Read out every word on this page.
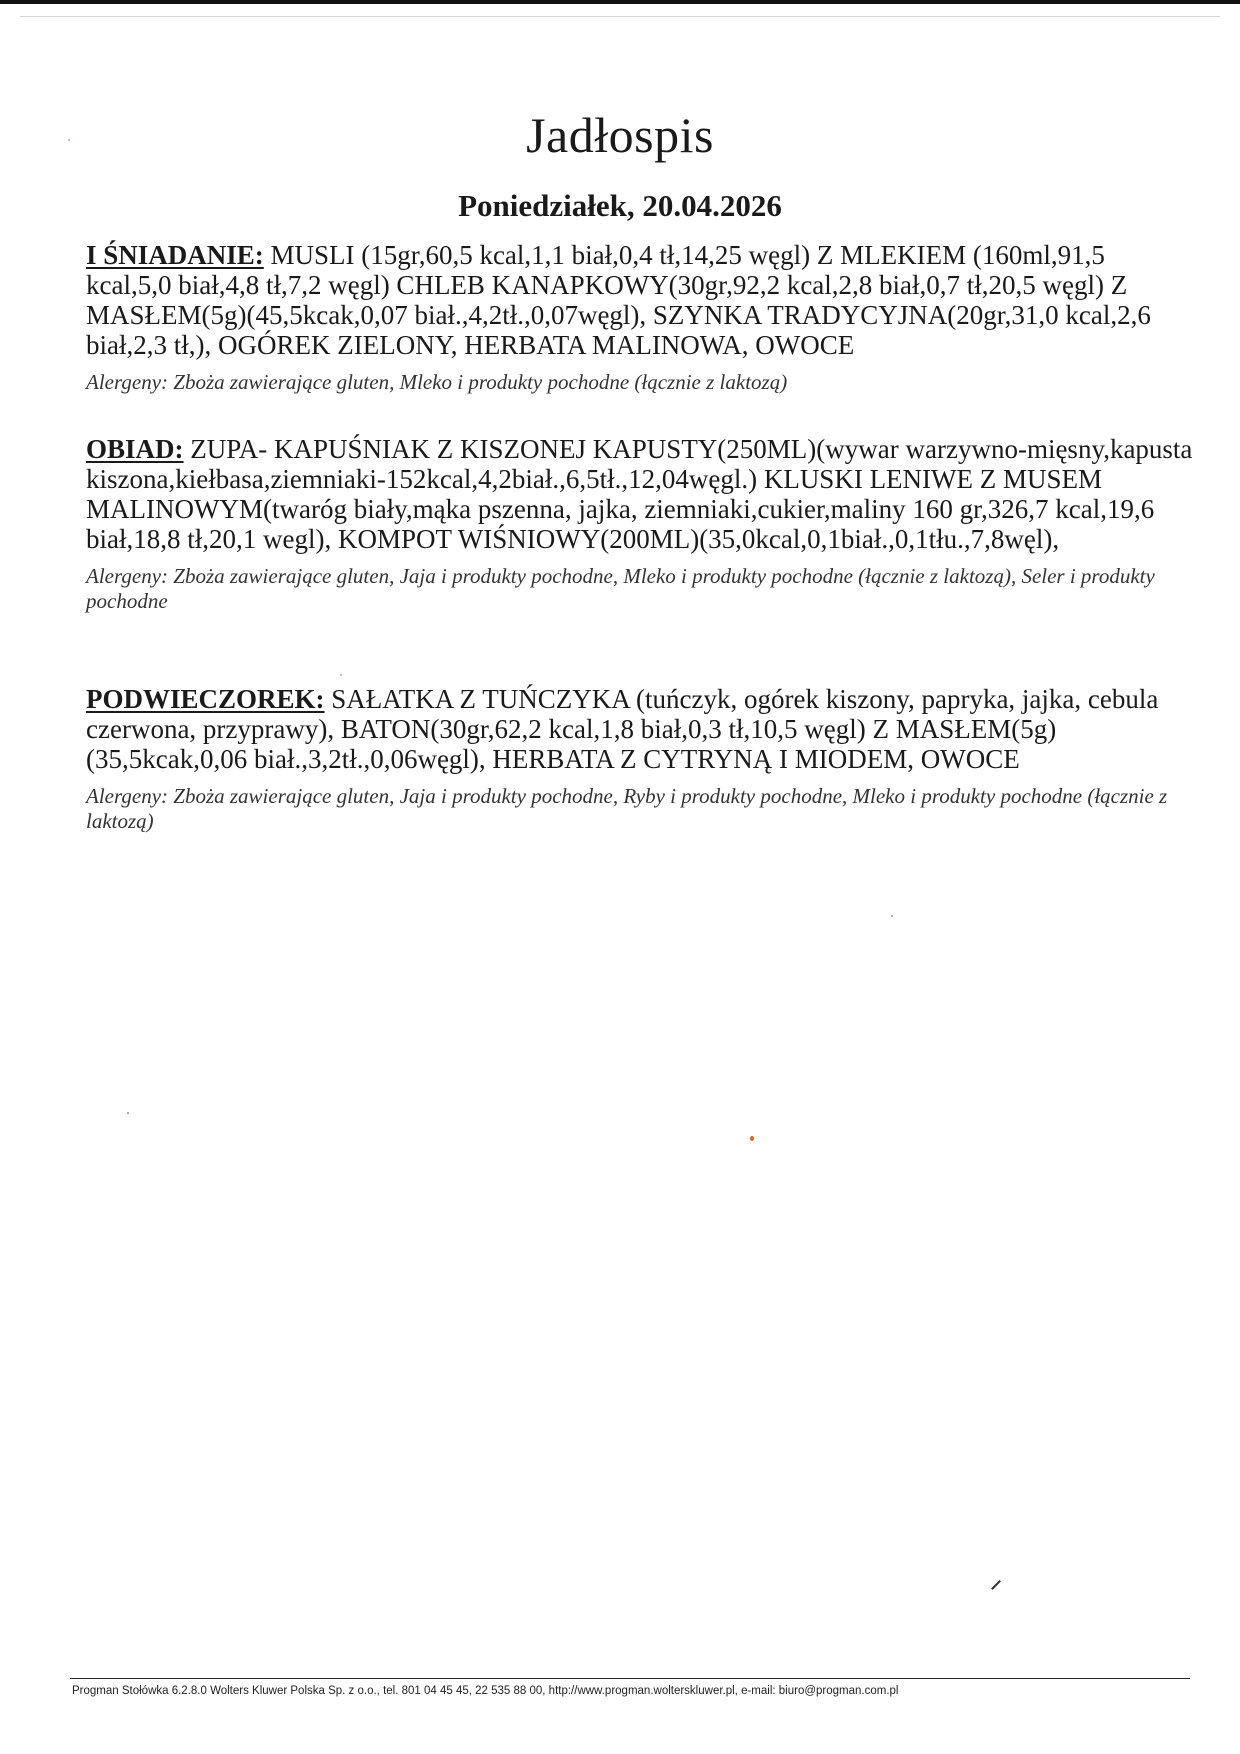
Jadłospis
Poniedziałek, 20.04.2026

I ŚNIADANIE: MUSLI (15gr,60,5 kcal,1,1 biał,0,4 tł,14,25 węgl) Z MLEKIEM (160ml,91,5 kcal,5,0 biał,4,8 tł,7,2 węgl) CHLEB KANAPKOWY(30gr,92,2 kcal,2,8 biał,0,7 tł,20,5 węgl) Z MASŁEM(5g)(45,5kcak,0,07 biał.,4,2tł.,0,07węgl), SZYNKA TRADYCYJNA(20gr,31,0 kcal,2,6 biał,2,3 tł,), OGÓREK ZIELONY, HERBATA MALINOWA, OWOCE

Alergeny: Zboża zawierające gluten, Mleko i produkty pochodne (łącznie z laktozą)

OBIAD: ZUPA- KAPUŚNIAK Z KISZONEJ KAPUSTY(250ML)(wywar warzywno-mięsny,kapusta kiszona,kiełbasa,ziemniaki-152kcal,4,2biał.,6,5tł.,12,04węgl.) KLUSKI LENIWE Z MUSEM MALINOWYM(twaróg biały,mąka pszenna, jajka, ziemniaki,cukier,maliny 160 gr,326,7 kcal,19,6 biał,18,8 tł,20,1 wegl), KOMPOT WIŚNIOWY(200ML)(35,0kcal,0,1biał.,0,1tłu.,7,8węl),

Alergeny: Zboża zawierające gluten, Jaja i produkty pochodne, Mleko i produkty pochodne (łącznie z laktozą), Seler i produkty pochodne

PODWIECZOREK: SAŁATKA Z TUŃCZYKA (tuńczyk, ogórek kiszony, papryka, jajka, cebula czerwona, przyprawy), BATON(30gr,62,2 kcal,1,8 biał,0,3 tł,10,5 węgl) Z MASŁEM(5g)(35,5kcak,0,06 biał.,3,2tł.,0,06węgl), HERBATA Z CYTRYNĄ I MIODEM, OWOCE

Alergeny: Zboża zawierające gluten, Jaja i produkty pochodne, Ryby i produkty pochodne, Mleko i produkty pochodne (łącznie z laktozą)

Progman Stołówka 6.2.8.0 Wolters Kluwer Polska Sp. z o.o., tel. 801 04 45 45, 22 535 88 00, http://www.progman.wolterskluwer.pl, e-mail: biuro@progman.com.pl
